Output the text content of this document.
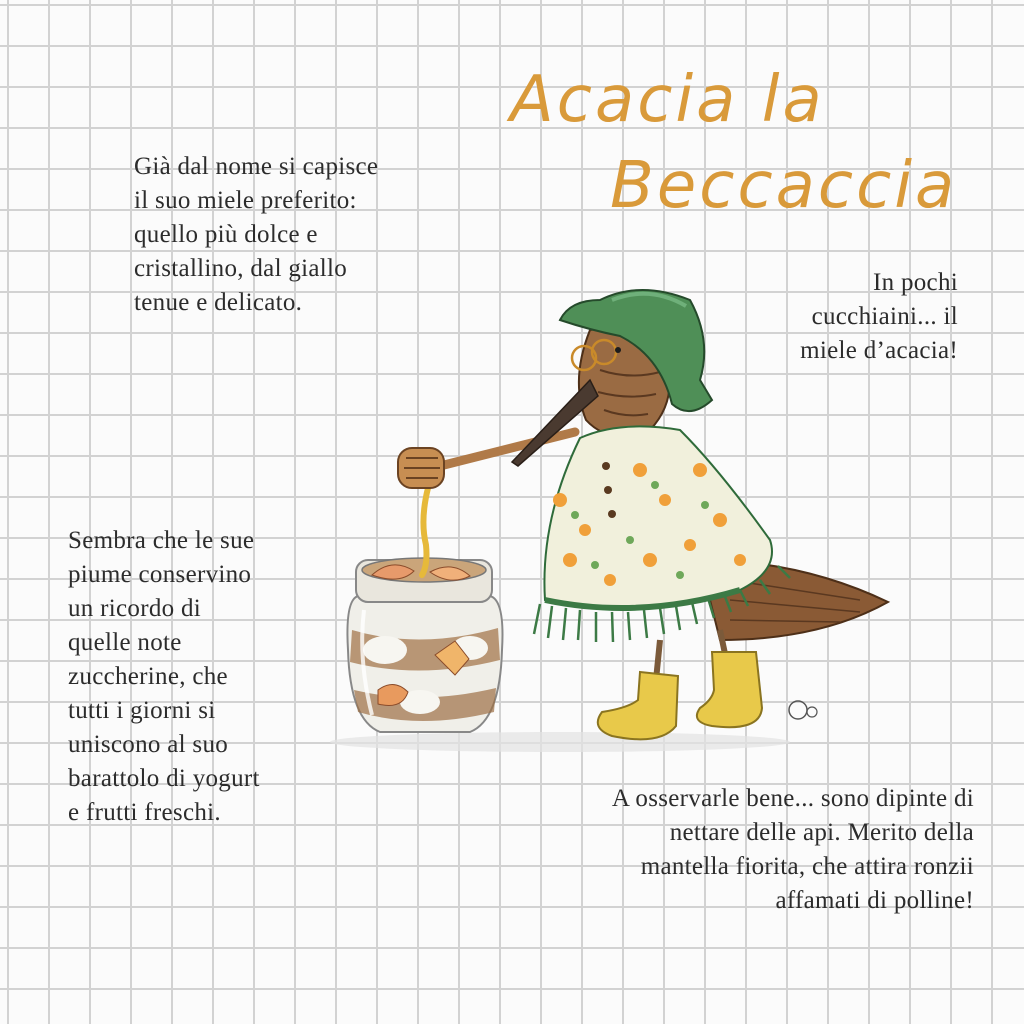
Acacia la
Beccaccia
Già dal nome si capisce
il suo miele preferito:
quello più dolce e
cristallino, dal giallo
tenue e delicato.
In pochi
cucchiaini... il
miele d’acacia!
Sembra che le sue
piume conservino
un ricordo di
quelle note
zuccherine, che
tutti i giorni si
uniscono al suo
barattolo di yogurt
e frutti freschi.
A osservarle bene... sono dipinte di
nettare delle api. Merito della
mantella fiorita, che attira ronzii
affamati di polline!
